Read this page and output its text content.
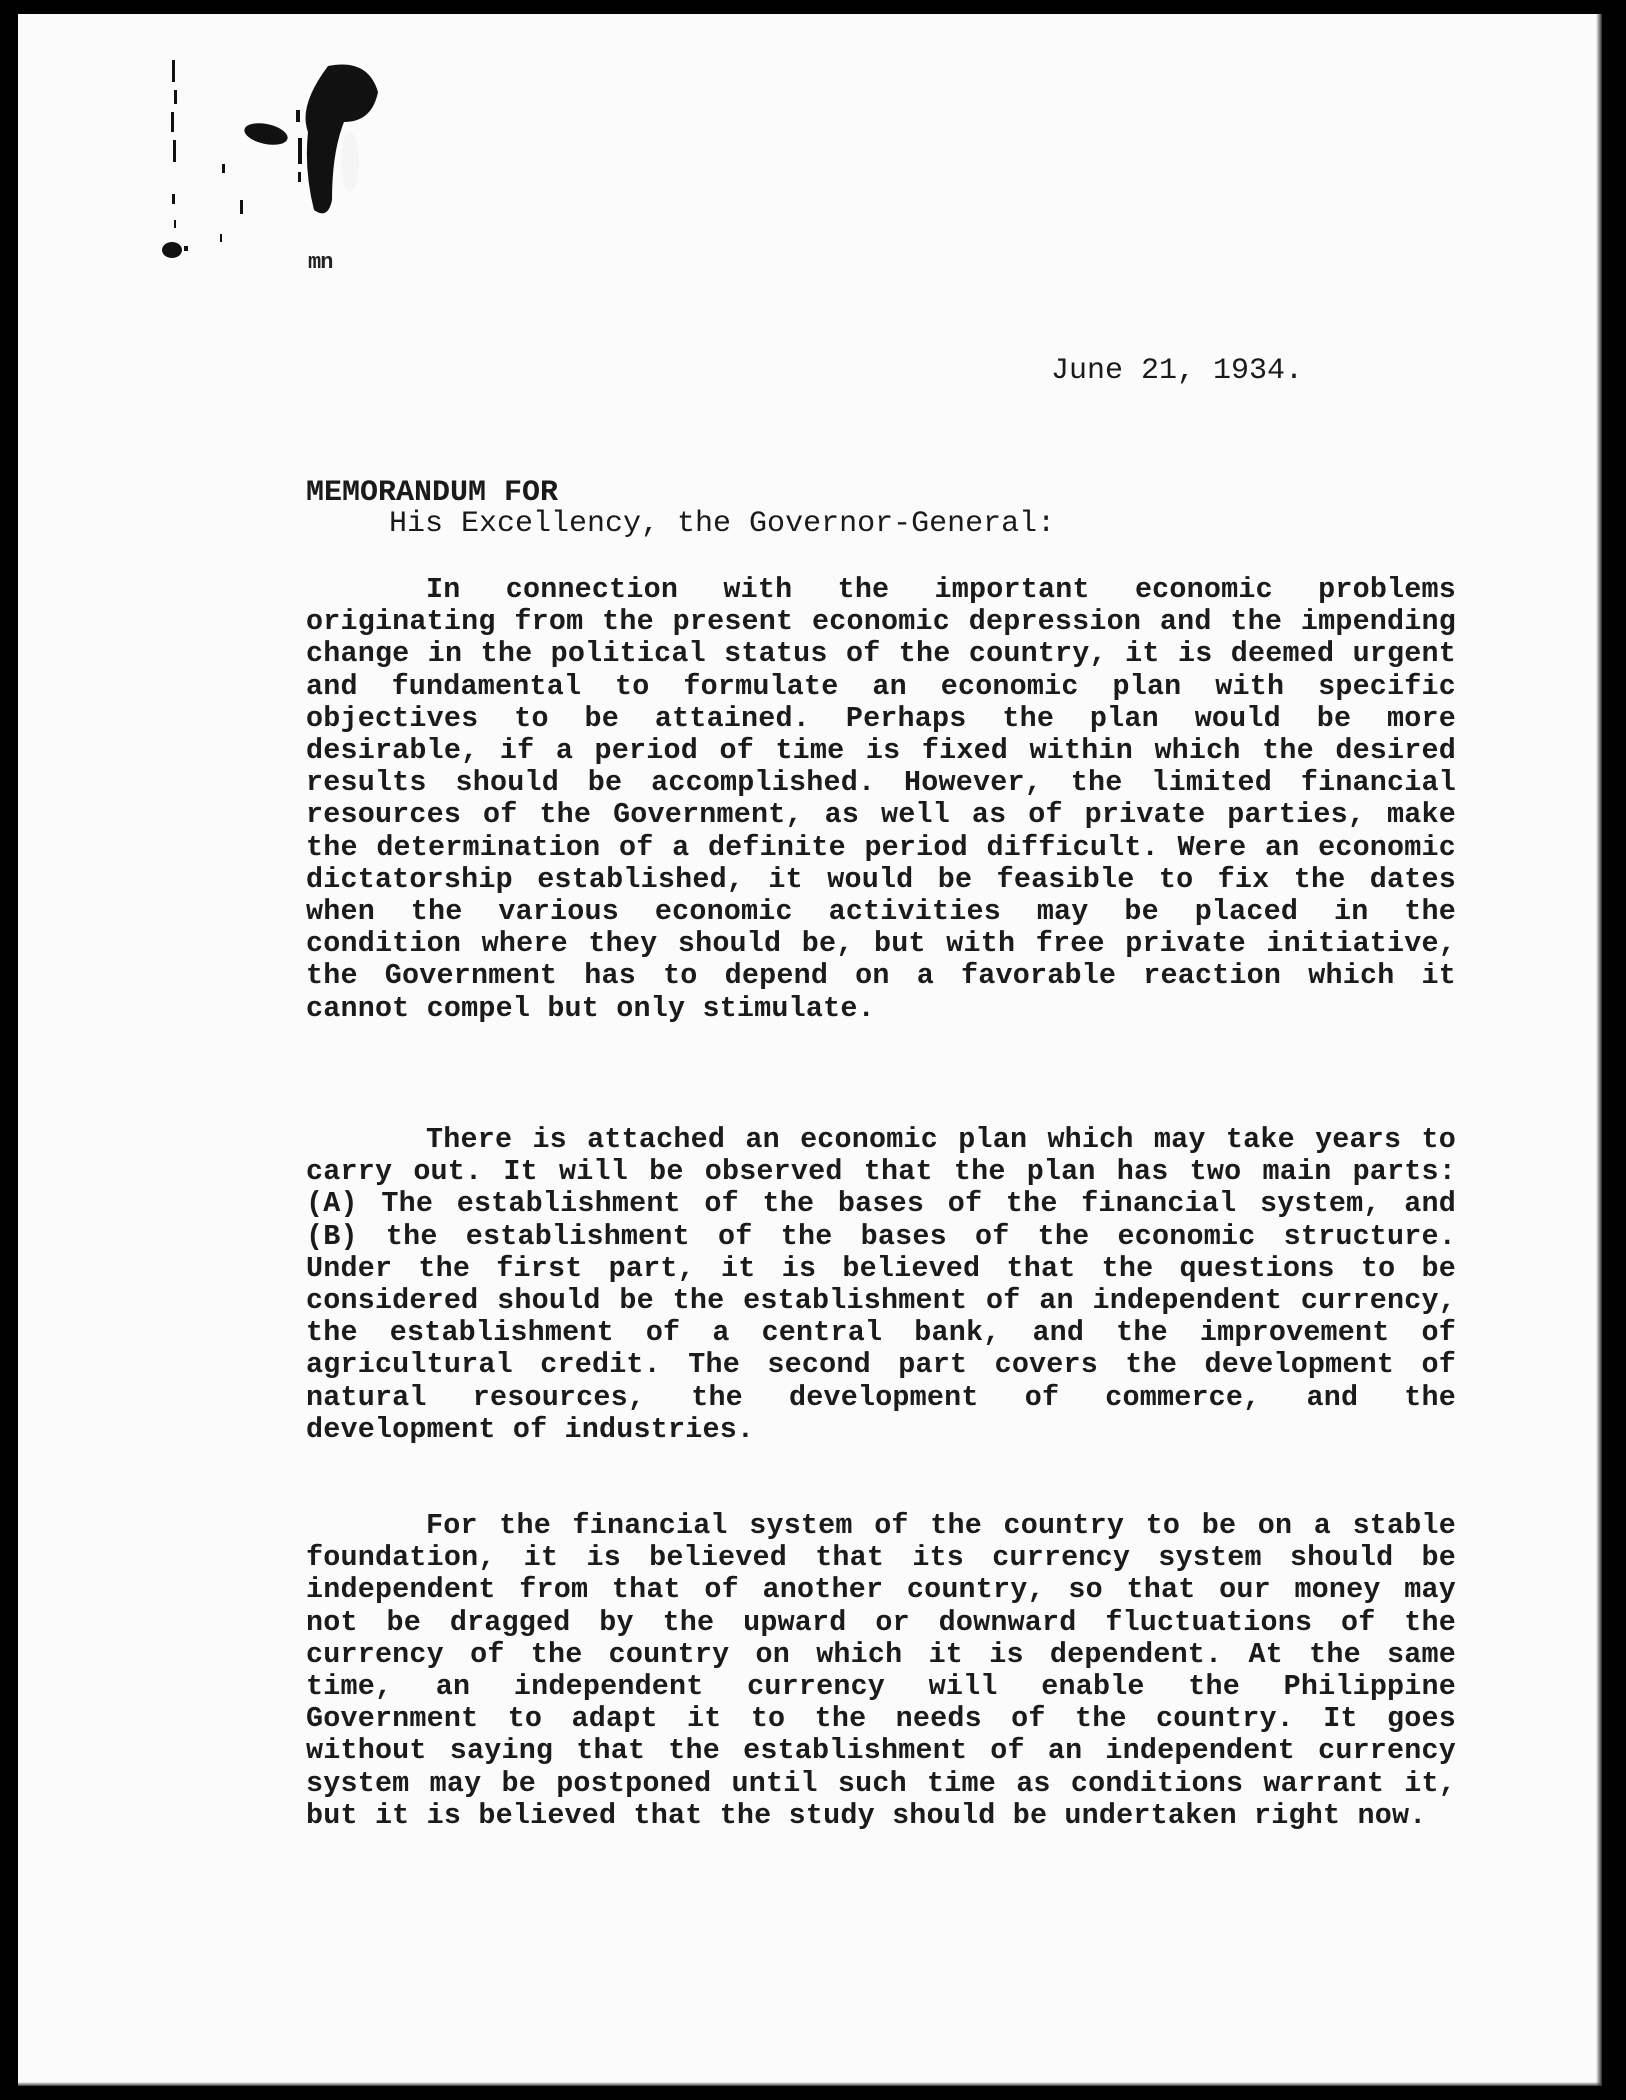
mn
June 21, 1934.
MEMORANDUM FOR
His Excellency, the Governor-General:

In connection with the important economic problems originating from the present economic depression and the impending change in the political status of the country, it is deemed urgent and fundamental to formulate an economic plan with specific objectives to be attained. Perhaps the plan would be more desirable, if a period of time is fixed within which the desired results should be accomplished. However, the limited financial resources of the Government, as well as of private parties, make the determination of a definite period difficult. Were an economic dictatorship established, it would be feasible to fix the dates when the various economic activities may be placed in the condition where they should be, but with free private initiative, the Government has to depend on a favorable reaction which it cannot compel but only stimulate.

There is attached an economic plan which may take years to carry out. It will be observed that the plan has two main parts: (A) The establishment of the bases of the financial system, and (B) the establishment of the bases of the economic structure. Under the first part, it is believed that the questions to be considered should be the establishment of an independent currency, the establishment of a central bank, and the improvement of agricultural credit. The second part covers the development of natural resources, the development of commerce, and the development of industries.

For the financial system of the country to be on a stable foundation, it is believed that its currency system should be independent from that of another country, so that our money may not be dragged by the upward or downward fluctuations of the currency of the country on which it is dependent. At the same time, an independent currency will enable the Philippine Government to adapt it to the needs of the country. It goes without saying that the establishment of an independent currency system may be postponed until such time as conditions warrant it, but it is believed that the study should be undertaken right now.
